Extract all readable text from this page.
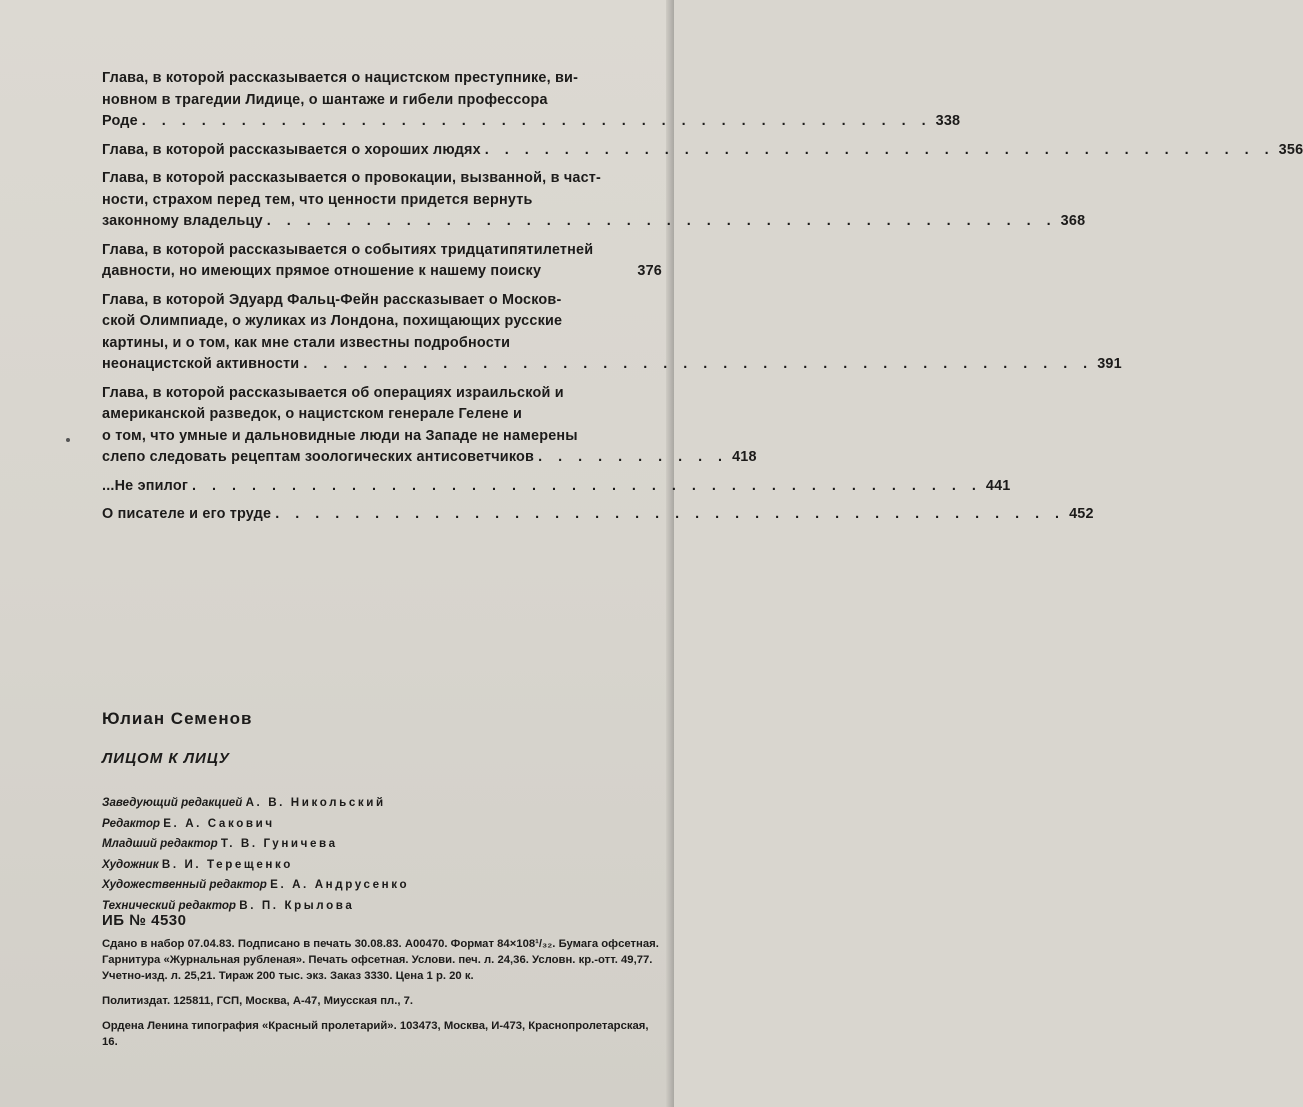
Глава, в которой рассказывается о нацистском преступнике, ви-
новном в трагедии Лидице, о шантаже и гибели профессора
Роде . . . . . . . . . . . . . . . . . . . . . . . . . . . . . . . . . . . . . . . . 338
Глава, в которой рассказывается о хороших людях . . . . . . . . . . . . . . . . . . . . . . . . . . . . . . . . . . . . . . . . 356
Глава, в которой рассказывается о провокации, вызванной, в част-
ности, страхом перед тем, что ценности придется вернуть
законному владельцу . . . . . . . . . . . . . . . . . . . . . . . . . . . . . . . . . . . . . . . . 368
Глава, в которой рассказывается о событиях тридцатипятилетней
давности, но имеющих прямое отношение к нашему поиску	376
Глава, в которой Эдуард Фальц-Фейн рассказывает о Москов-
ской Олимпиаде, о жуликах из Лондона, похищающих русские
картины, и о том, как мне стали известны подробности
неонацистской активности . . . . . . . . . . . . . . . . . . . . . . . . . . . . . . . . . . . . . . . . 391
Глава, в которой рассказывается об операциях израильской и
американской разведок, о нацистском генерале Гелене и
о том, что умные и дальновидные люди на Западе не намерены
слепо следовать рецептам зоологических антисоветчиков . . . . . . . . . . 418
...Не эпилог . . . . . . . . . . . . . . . . . . . . . . . . . . . . . . . . . . . . . . . . 441
О писателе и его труде . . . . . . . . . . . . . . . . . . . . . . . . . . . . . . . . . . . . . . . . 452
Юлиан Семенов
ЛИЦОМ К ЛИЦУ
Заведующий редакцией А. В. Никольский
Редактор Е. А. Сакович
Младший редактор Т. В. Гуничева
Художник В. И. Терещенко
Художественный редактор Е. А. Андрусенко
Технический редактор В. П. Крылова
ИБ № 4530

Сдано в набор 07.04.83. Подписано в печать 30.08.83. А00470. Формат 84×108¹/₃₂. Бумага офсетная. Гарнитура «Журнальная рубленая». Печать офсетная. Услови. печ. л. 24,36. Условн. кр.-отт. 49,77. Учетно-изд. л. 25,21. Тираж 200 тыс. экз. Заказ 3330. Цена 1 р. 20 к.

Политиздат. 125811, ГСП, Москва, А-47, Миусская пл., 7.

Ордена Ленина типография «Красный пролетарий». 103473, Москва, И-473, Краснопролетарская, 16.
